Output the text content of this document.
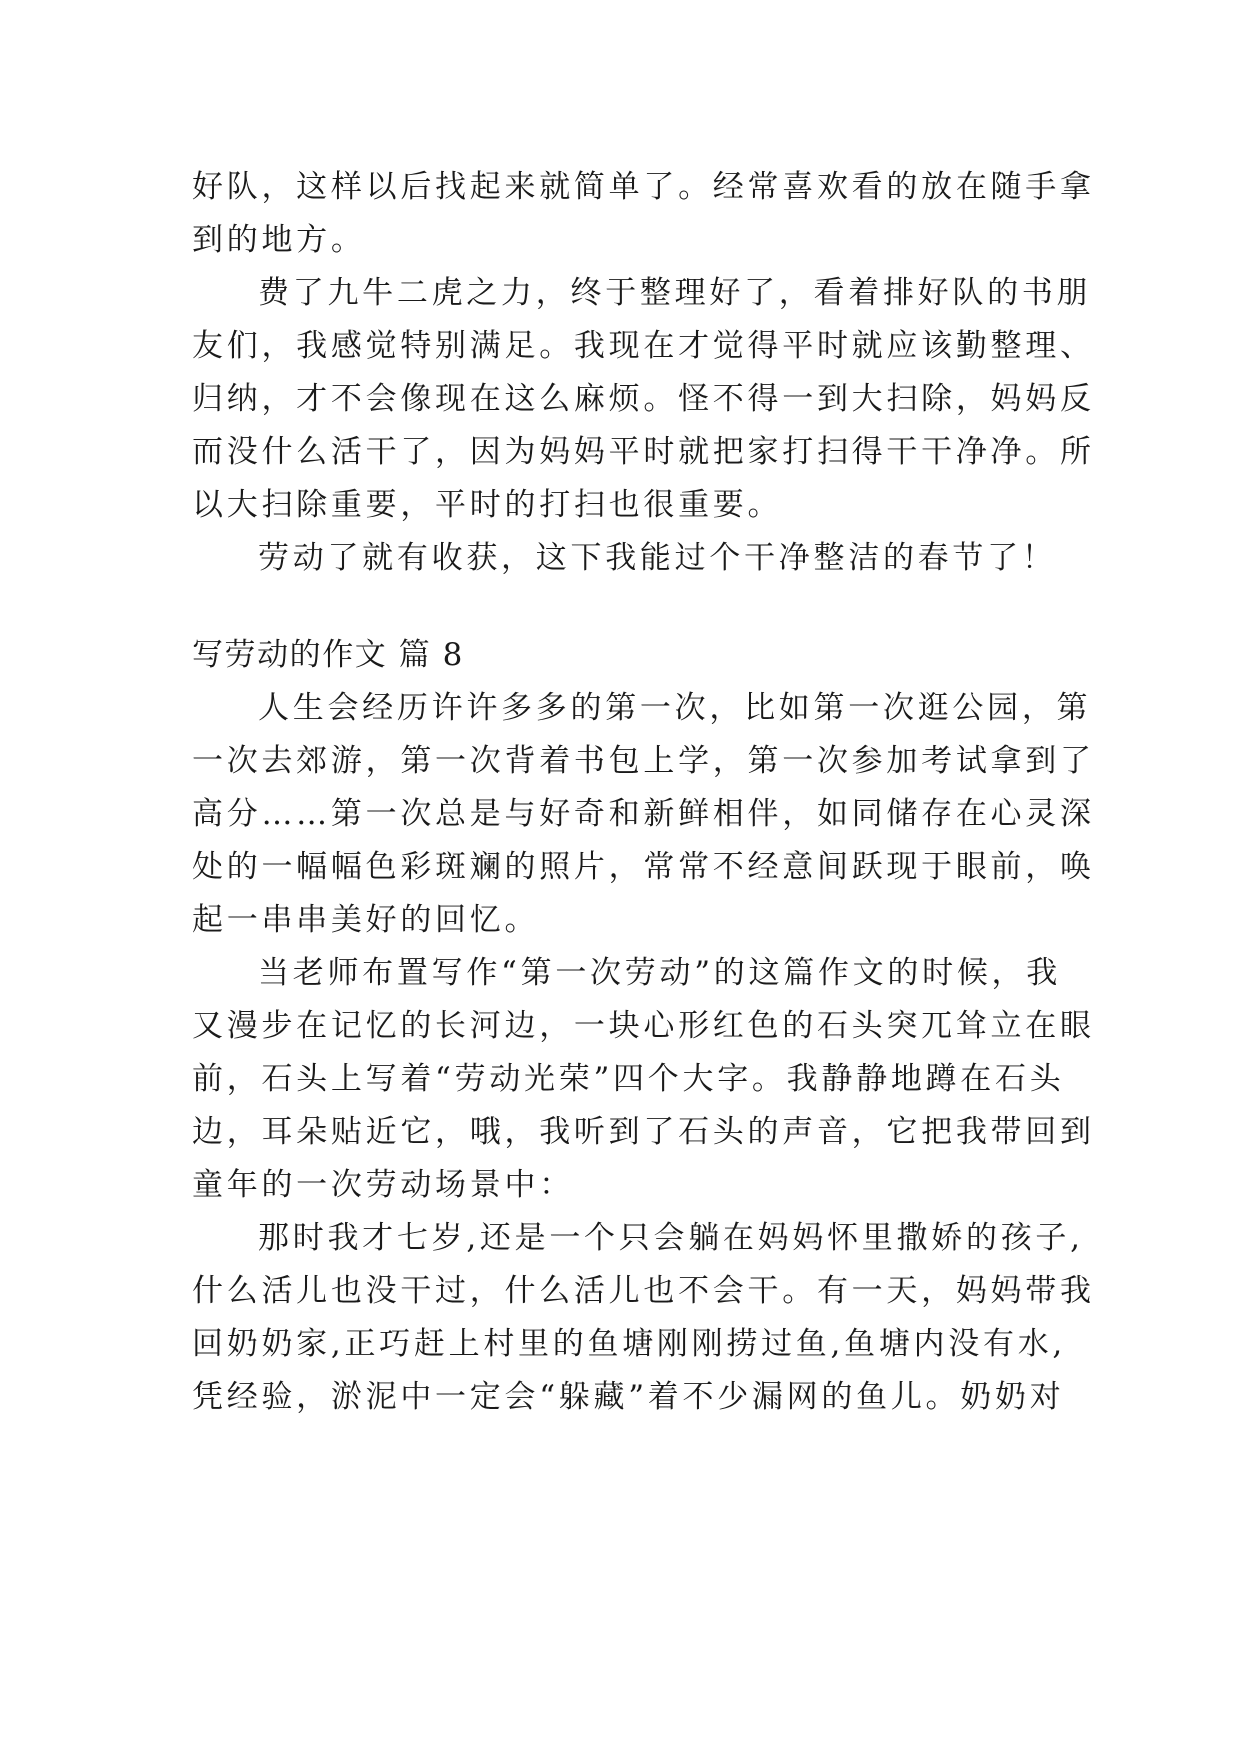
好队，这样以后找起来就简单了。经常喜欢看的放在随手拿
到的地方。
费了九牛二虎之力，终于整理好了，看着排好队的书朋
友们，我感觉特别满足。我现在才觉得平时就应该勤整理、
归纳，才不会像现在这么麻烦。怪不得一到大扫除，妈妈反
而没什么活干了，因为妈妈平时就把家打扫得干干净净。所
以大扫除重要，平时的打扫也很重要。
劳动了就有收获，这下我能过个干净整洁的春节了！
写劳动的作文 篇 8
人生会经历许许多多的第一次，比如第一次逛公园，第
一次去郊游，第一次背着书包上学，第一次参加考试拿到了
高分……第一次总是与好奇和新鲜相伴，如同储存在心灵深
处的一幅幅色彩斑斓的照片，常常不经意间跃现于眼前，唤
起一串串美好的回忆。
当老师布置写作“第一次劳动”的这篇作文的时候，我
又漫步在记忆的长河边，一块心形红色的石头突兀耸立在眼
前，石头上写着“劳动光荣”四个大字。我静静地蹲在石头
边，耳朵贴近它，哦，我听到了石头的声音，它把我带回到
童年的一次劳动场景中：
那时我才七岁,还是一个只会躺在妈妈怀里撒娇的孩子,
什么活儿也没干过，什么活儿也不会干。有一天，妈妈带我
回奶奶家,正巧赶上村里的鱼塘刚刚捞过鱼,鱼塘内没有水,
凭经验，淤泥中一定会“躲藏”着不少漏网的鱼儿。奶奶对
